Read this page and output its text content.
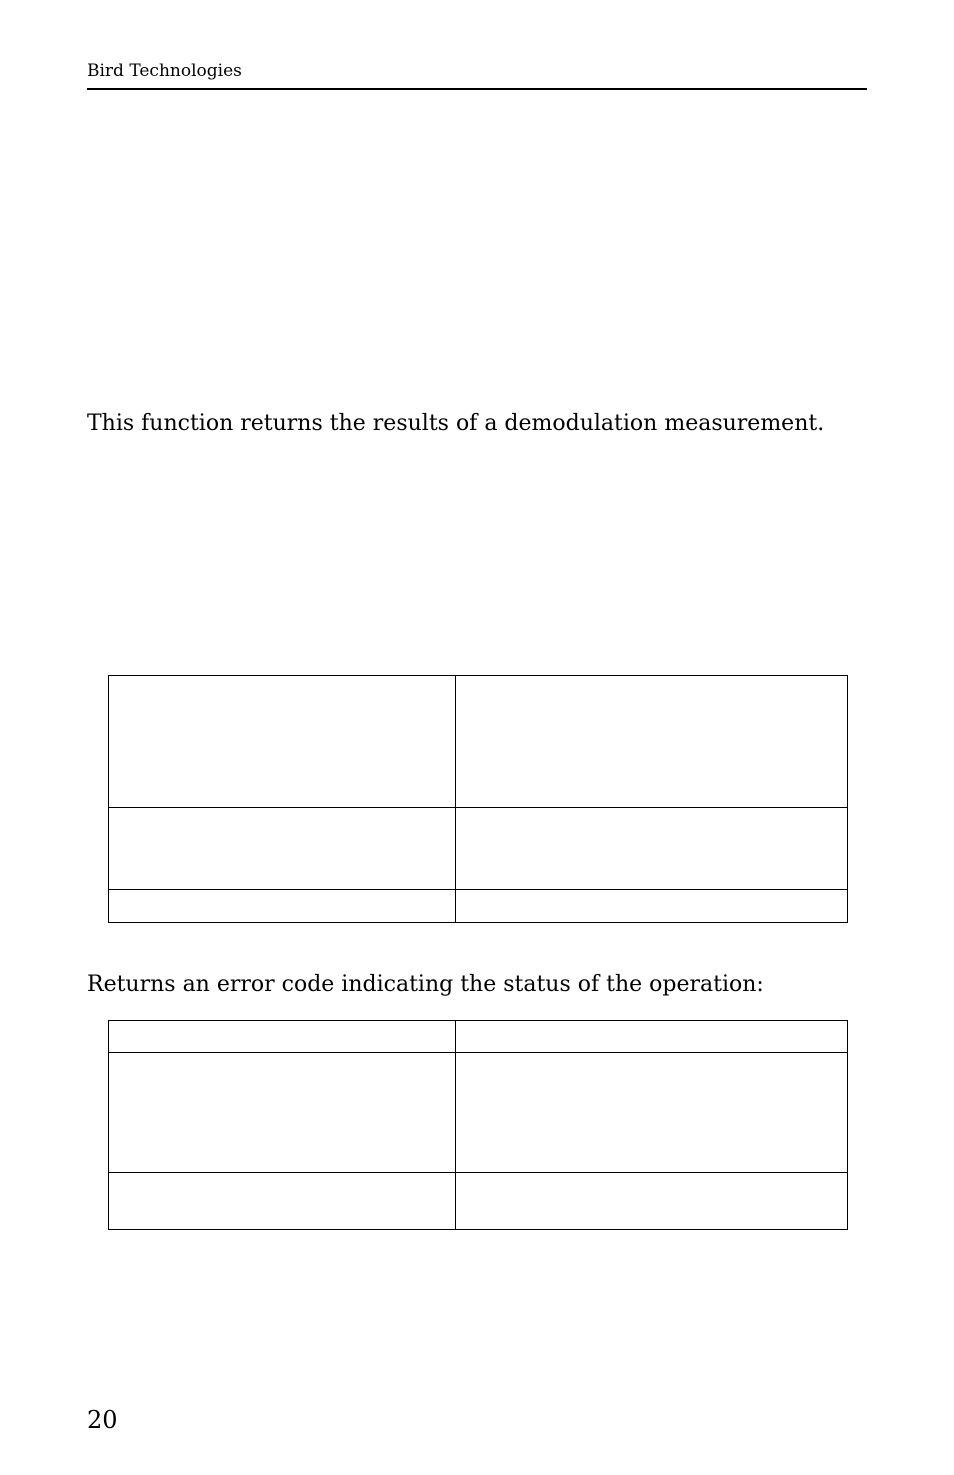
Bird Technologies

This function returns the results of a demodulation measurement.

Returns an error code indicating the status of the operation:

20
